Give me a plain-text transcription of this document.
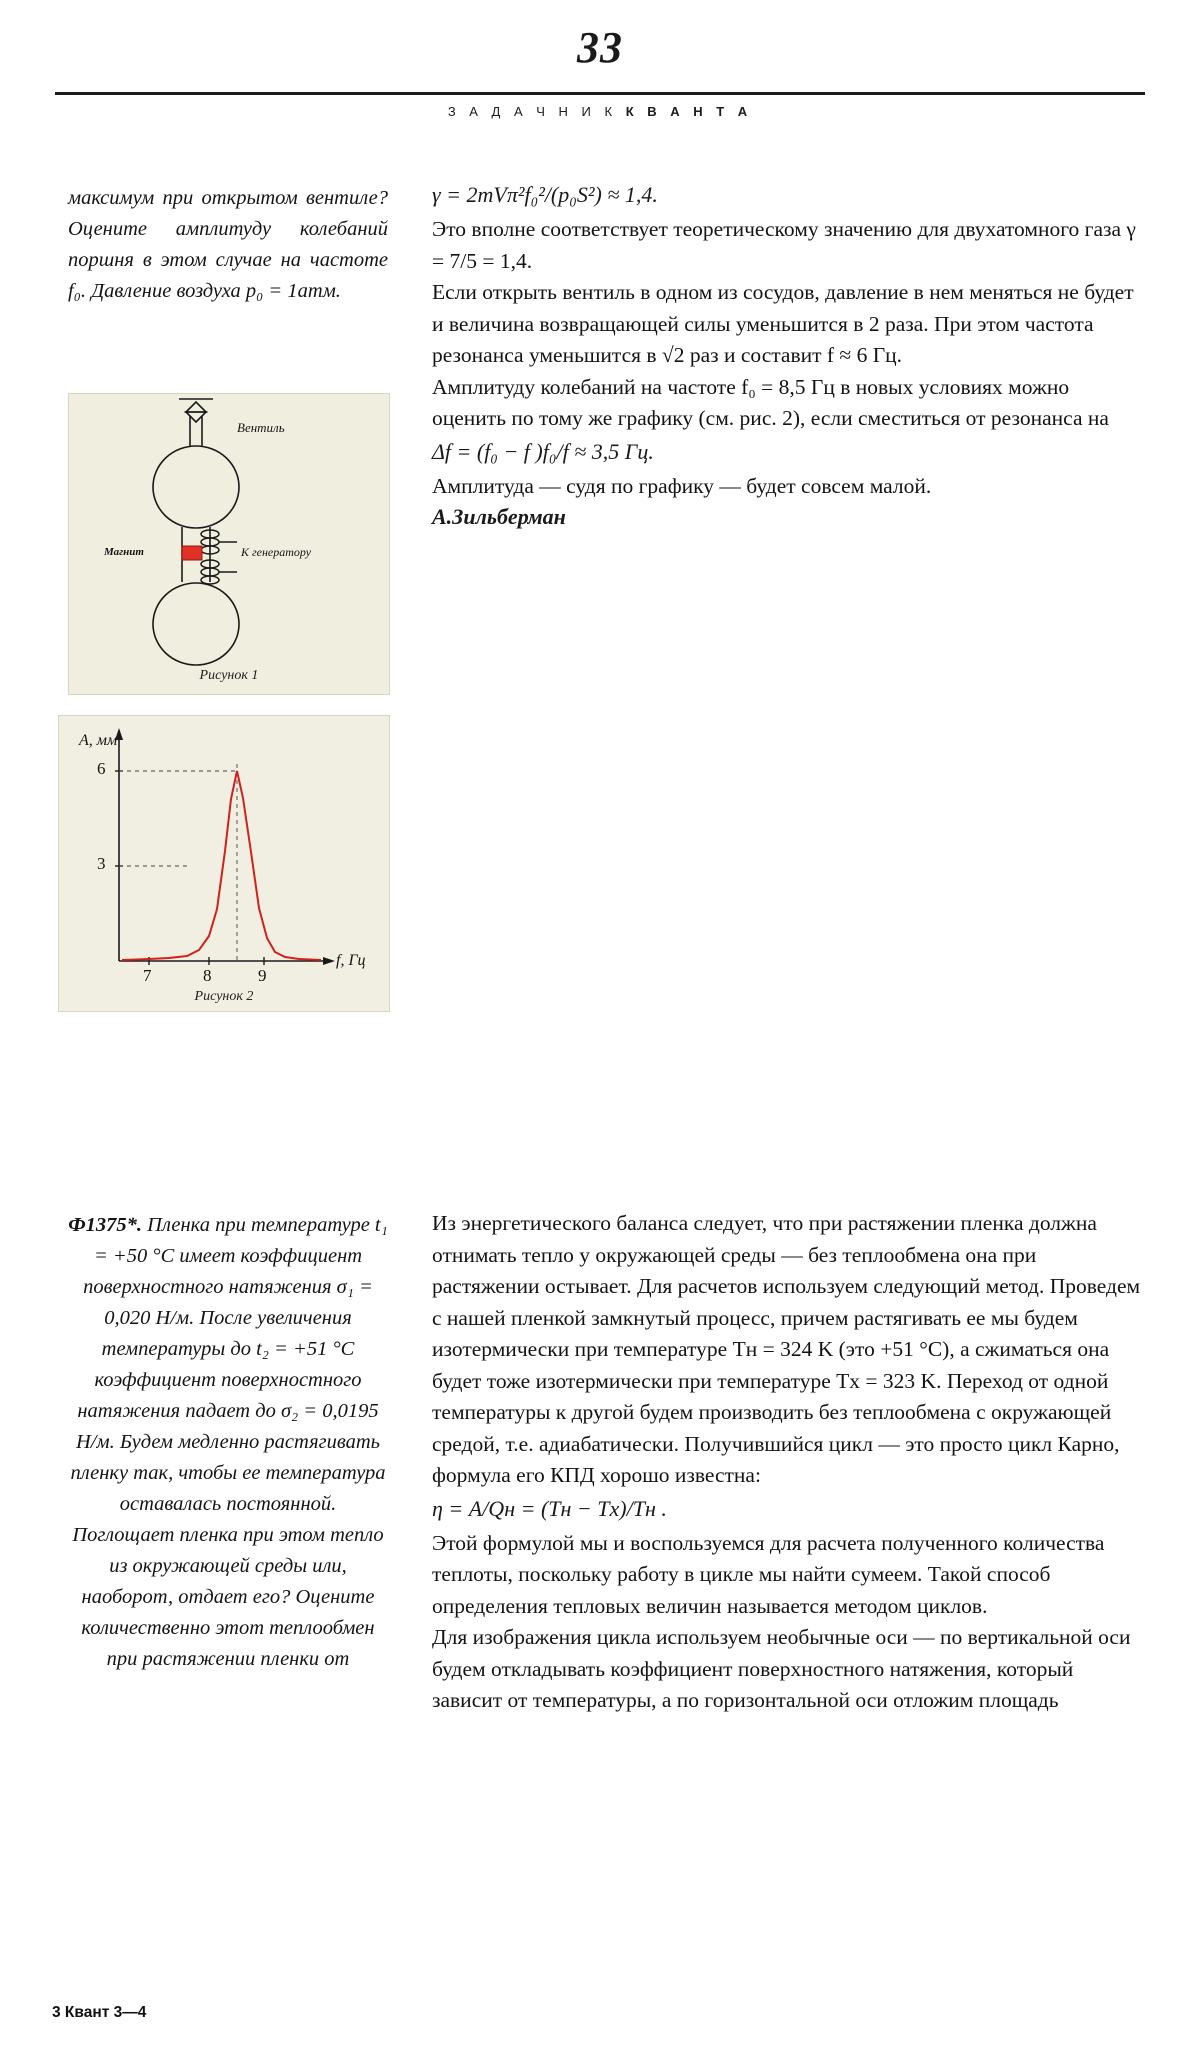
33
З А Д А Ч Н И К К В А Н Т А
максимум при открытом вентиле? Оцените амплитуду колебаний поршня в этом случае на частоте f₀. Давление воздуха p₀ = 1атм.
Вентиль
Магнит	К генератору
Рисунок 1
A, мм
f, Гц
6
3
7	8	9
Рисунок 2
γ = 2mVπ²f₀²/(p₀S²) ≈ 1,4.

Это вполне соответствует теоретическому значению для двухатомного газа γ = 7/5 = 1,4.

Если открыть вентиль в одном из сосудов, давление в нем меняться не будет и величина возвращающей силы уменьшится в 2 раза. При этом частота резонанса уменьшится в √2 раз и составит f ≈ 6 Гц.

Амплитуду колебаний на частоте f₀ = 8,5 Гц в новых условиях можно оценить по тому же графику (см. рис. 2), если сместиться от резонанса на

Δf = (f₀ − f )f₀/f ≈ 3,5 Гц.

Амплитуда — судя по графику — будет совсем малой.

А.Зильберман
Ф1375*. Пленка при температуре t₁ = +50 °С имеет коэффициент поверхностного натяжения σ₁ = 0,020 Н/м. После увеличения температуры до t₂ = +51 °С коэффициент поверхностного натяжения падает до σ₂ = 0,0195 Н/м. Будем медленно растягивать пленку так, чтобы ее температура оставалась постоянной. Поглощает пленка при этом тепло из окружающей среды или, наоборот, отдает его? Оцените количественно этот теплообмен при растяжении пленки от

Из энергетического баланса следует, что при растяжении пленка должна отнимать тепло у окружающей среды — без теплообмена она при растяжении остывает. Для расчетов используем следующий метод. Проведем с нашей пленкой замкнутый процесс, причем растягивать ее мы будем изотермически при температуре Tн = 324 K (это +51 °С), а сжиматься она будет тоже изотермически при температуре Tх = 323 K. Переход от одной температуры к другой будем производить без теплообмена с окружающей средой, т.е. адиабатически. Получившийся цикл — это просто цикл Карно, формула его КПД хорошо известна:

η = A/Qн = (Tн − Tх)/Tн .

Этой формулой мы и воспользуемся для расчета полученного количества теплоты, поскольку работу в цикле мы найти сумеем. Такой способ определения тепловых величин называется методом циклов.

Для изображения цикла используем необычные оси — по вертикальной оси будем откладывать коэффициент поверхностного натяжения, который зависит от температуры, а по горизонтальной оси отложим площадь

3 Квант 3—4
